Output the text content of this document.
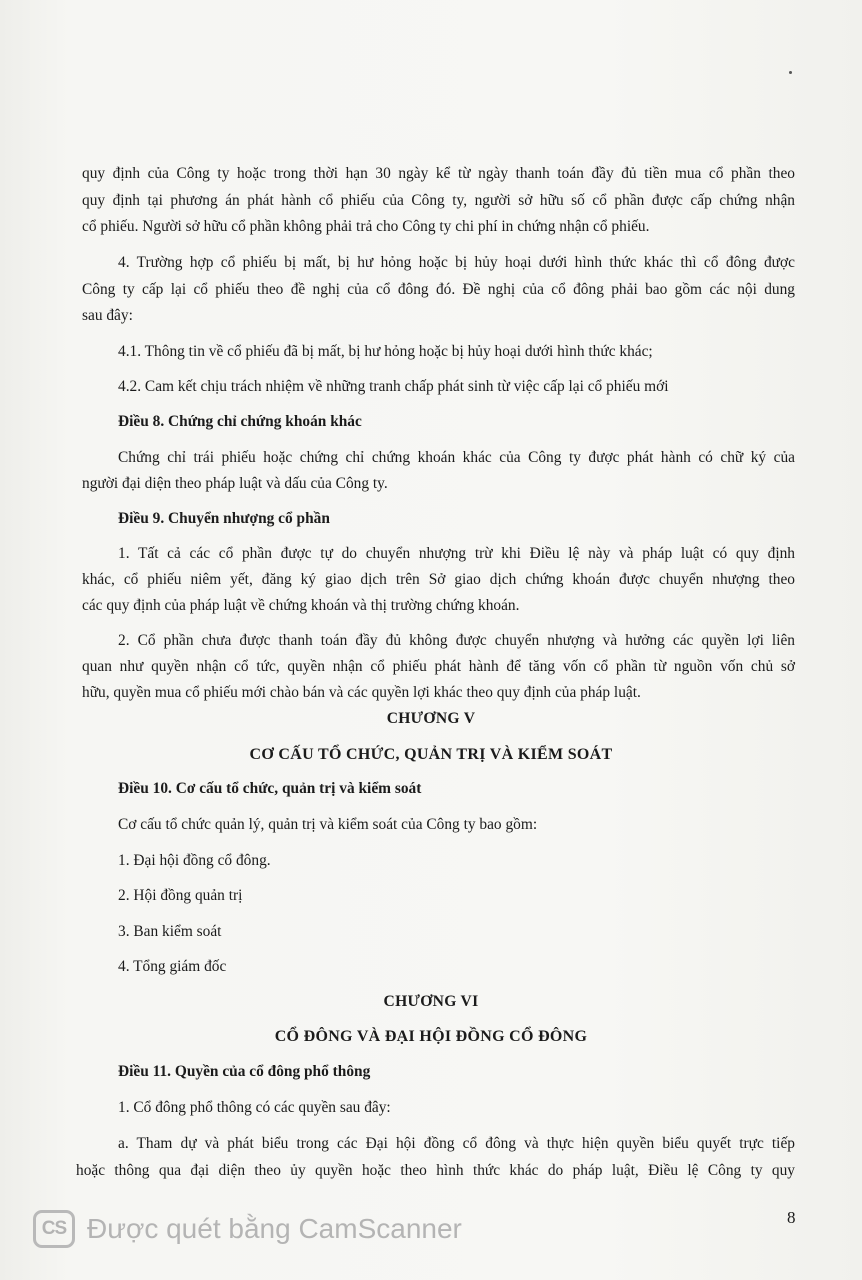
quy định của Công ty hoặc trong thời hạn 30 ngày kể từ ngày thanh toán đầy đủ tiền mua cổ phần theo
quy định tại phương án phát hành cổ phiếu của Công ty, người sở hữu số cổ phần được cấp chứng nhận
cổ phiếu. Người sở hữu cổ phần không phải trả cho Công ty chi phí in chứng nhận cổ phiếu.
4. Trường hợp cổ phiếu bị mất, bị hư hỏng hoặc bị hủy hoại dưới hình thức khác thì cổ đông được
Công ty cấp lại cổ phiếu theo đề nghị của cổ đông đó. Đề nghị của cổ đông phải bao gồm các nội dung
sau đây:
4.1. Thông tin về cổ phiếu đã bị mất, bị hư hỏng hoặc bị hủy hoại dưới hình thức khác;
4.2. Cam kết chịu trách nhiệm về những tranh chấp phát sinh từ việc cấp lại cổ phiếu mới
Điều 8. Chứng chỉ chứng khoán khác
Chứng chỉ trái phiếu hoặc chứng chỉ chứng khoán khác của Công ty được phát hành có chữ ký của
người đại diện theo pháp luật và dấu của Công ty.
Điều 9. Chuyển nhượng cổ phần
1. Tất cả các cổ phần được tự do chuyển nhượng trừ khi Điều lệ này và pháp luật có quy định
khác, cổ phiếu niêm yết, đăng ký giao dịch trên Sở giao dịch chứng khoán được chuyển nhượng theo
các quy định của pháp luật về chứng khoán và thị trường chứng khoán.
2. Cổ phần chưa được thanh toán đầy đủ không được chuyển nhượng và hưởng các quyền lợi liên
quan như quyền nhận cổ tức, quyền nhận cổ phiếu phát hành để tăng vốn cổ phần từ nguồn vốn chủ sở
hữu, quyền mua cổ phiếu mới chào bán và các quyền lợi khác theo quy định của pháp luật.
CHƯƠNG V
CƠ CẤU TỔ CHỨC, QUẢN TRỊ VÀ KIỂM SOÁT
Điều 10. Cơ cấu tổ chức, quản trị và kiểm soát
Cơ cấu tổ chức quản lý, quản trị và kiểm soát của Công ty bao gồm:
1. Đại hội đồng cổ đông.
2. Hội đồng quản trị
3. Ban kiểm soát
4. Tổng giám đốc
CHƯƠNG VI
CỔ ĐÔNG VÀ ĐẠI HỘI ĐỒNG CỔ ĐÔNG
Điều 11. Quyền của cổ đông phổ thông
1. Cổ đông phổ thông có các quyền sau đây:
a. Tham dự và phát biểu trong các Đại hội đồng cổ đông và thực hiện quyền biểu quyết trực tiếp
hoặc thông qua đại diện theo ủy quyền hoặc theo hình thức khác do pháp luật, Điều lệ Công ty quy
CS Được quét bằng CamScanner	8
